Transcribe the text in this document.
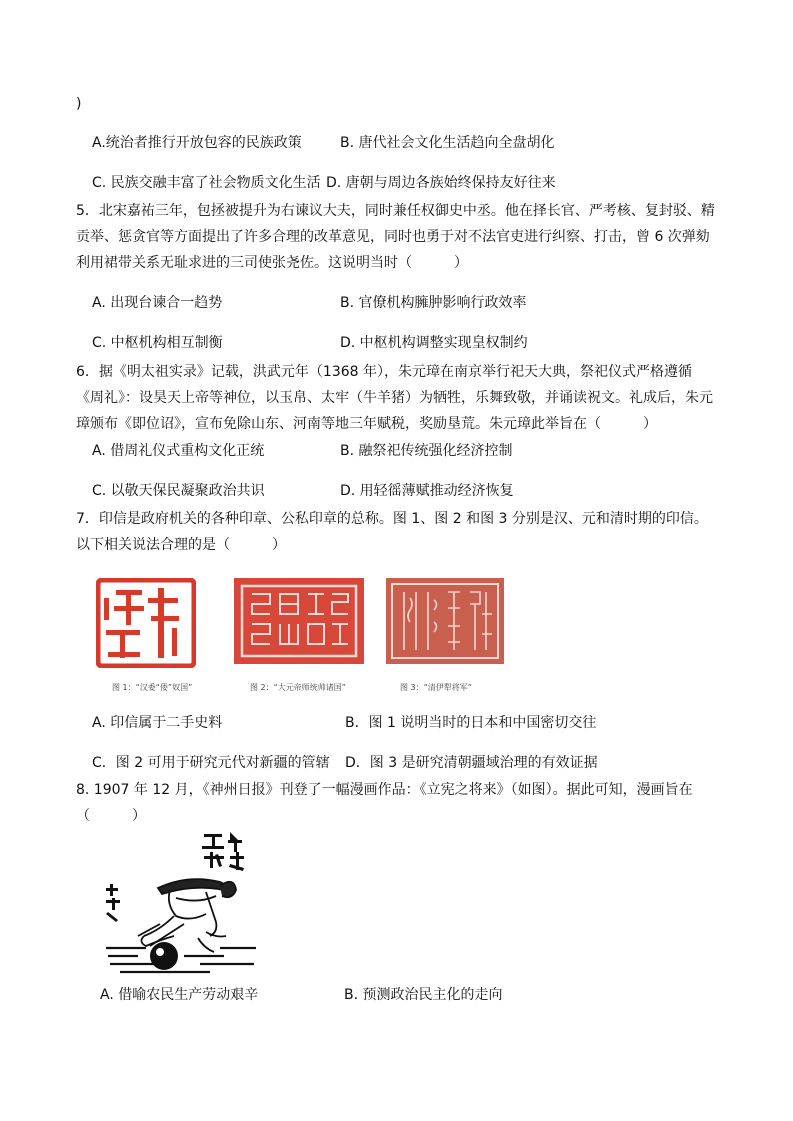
)
A.统治者推行开放包容的民族政策	B. 唐代社会文化生活趋向全盘胡化
C. 民族交融丰富了社会物质文化生活 D. 唐朝与周边各族始终保持友好往来
5．北宋嘉祐三年，包拯被提升为右谏议大夫，同时兼任权御史中丞。他在择长官、严考核、复封驳、精贡举、惩贪官等方面提出了许多合理的改革意见，同时也勇于对不法官吏进行纠察、打击，曾 6 次弹劾利用裙带关系无耻求进的三司使张尧佐。这说明当时（　　　）
A. 出现台谏合一趋势	B. 官僚机构臃肿影响行政效率
C. 中枢机构相互制衡	D. 中枢机构调整实现皇权制约
6．据《明太祖实录》记载，洪武元年（1368 年），朱元璋在南京举行祀天大典，祭祀仪式严格遵循《周礼》：设昊天上帝等神位，以玉帛、太牢（牛羊猪）为牺牲，乐舞致敬，并诵读祝文。礼成后，朱元璋颁布《即位诏》，宣布免除山东、河南等地三年赋税，奖励垦荒。朱元璋此举旨在（　　　）
A. 借周礼仪式重构文化正统	B. 融祭祀传统强化经济控制
C. 以敬天保民凝聚政治共识	D. 用轻徭薄赋推动经济恢复
7．印信是政府机关的各种印章、公私印章的总称。图 1、图 2 和图 3 分别是汉、元和清时期的印信。以下相关说法合理的是（　　　）
图 1：“汉委“倭”奴国”	图 2：“大元帝师统帅诸国”	图 3：“清伊犁将军”
A. 印信属于二手史料	B．图 1 说明当时的日本和中国密切交往
C．图 2 可用于研究元代对新疆的管辖 D．图 3 是研究清朝疆域治理的有效证据
8. 1907 年 12 月，《神州日报》刊登了一幅漫画作品：《立宪之将来》（如图）。据此可知，漫画旨在（　　　）
A. 借喻农民生产劳动艰辛	B. 预测政治民主化的走向
